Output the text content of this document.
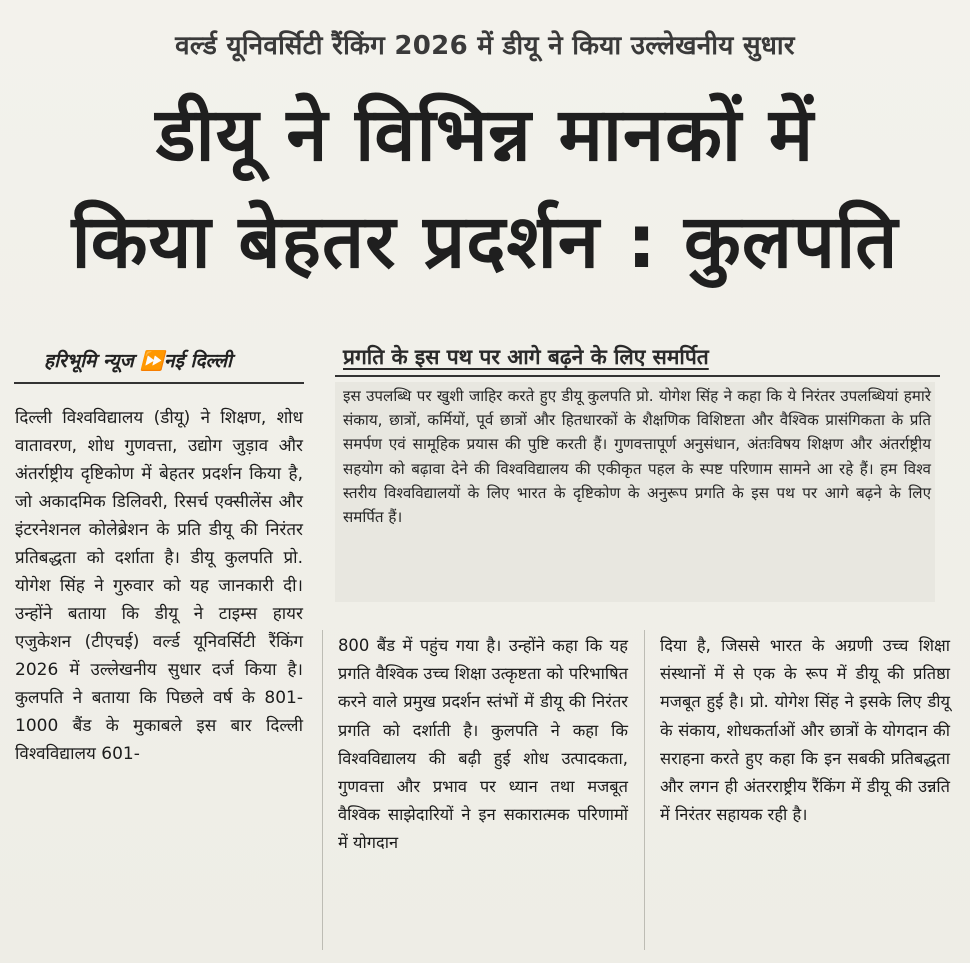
वर्ल्ड यूनिवर्सिटी रैंकिंग 2026 में डीयू ने किया उल्लेखनीय सुधार
डीयू ने विभिन्न मानकों में
किया बेहतर प्रदर्शन : कुलपति
हरिभूमि न्यूज ⏩नई दिल्ली	प्रगति के इस पथ पर आगे बढ़ने के लिए समर्पित
इस उपलब्धि पर खुशी जाहिर करते हुए डीयू कुलपति प्रो. योगेश सिंह ने कहा कि ये निरंतर उपलब्धियां हमारे संकाय, छात्रों, कर्मियों, पूर्व छात्रों और हितधारकों के शैक्षणिक विशिष्टता और वैश्विक प्रासंगिकता के प्रति समर्पण एवं सामूहिक प्रयास की पुष्टि करती हैं। गुणवत्तापूर्ण अनुसंधान, अंतःविषय शिक्षण और अंतर्राष्ट्रीय सहयोग को बढ़ावा देने की विश्वविद्यालय की एकीकृत पहल के स्पष्ट परिणाम सामने आ रहे हैं। हम विश्व स्तरीय विश्वविद्यालयों के लिए भारत के दृष्टिकोण के अनुरूप प्रगति के इस पथ पर आगे बढ़ने के लिए समर्पित हैं।
दिल्ली विश्वविद्यालय (डीयू) ने शिक्षण, शोध वातावरण, शोध गुणवत्ता, उद्योग जुड़ाव और अंतर्राष्ट्रीय दृष्टिकोण में बेहतर प्रदर्शन किया है, जो अकादमिक डिलिवरी, रिसर्च एक्सीलेंस और इंटरनेशनल कोलेब्रेशन के प्रति डीयू की निरंतर प्रतिबद्धता को दर्शाता है। डीयू कुलपति प्रो. योगेश सिंह ने गुरुवार को यह जानकारी दी। उन्होंने बताया कि डीयू ने टाइम्स हायर एजुकेशन (टीएचई) वर्ल्ड यूनिवर्सिटी रैंकिंग 2026 में उल्लेखनीय सुधार दर्ज किया है। कुलपति ने बताया कि पिछले वर्ष के 801-1000 बैंड के मुकाबले इस बार दिल्ली विश्वविद्यालय 601-
800 बैंड में पहुंच गया है। उन्होंने कहा कि यह प्रगति वैश्विक उच्च शिक्षा उत्कृष्टता को परिभाषित करने वाले प्रमुख प्रदर्शन स्तंभों में डीयू की निरंतर प्रगति को दर्शाती है। कुलपति ने कहा कि विश्वविद्यालय की बढ़ी हुई शोध उत्पादकता, गुणवत्ता और प्रभाव पर ध्यान तथा मजबूत वैश्विक साझेदारियों ने इन सकारात्मक परिणामों में योगदान
दिया है, जिससे भारत के अग्रणी उच्च शिक्षा संस्थानों में से एक के रूप में डीयू की प्रतिष्ठा मजबूत हुई है। प्रो. योगेश सिंह ने इसके लिए डीयू के संकाय, शोधकर्ताओं और छात्रों के योगदान की सराहना करते हुए कहा कि इन सबकी प्रतिबद्धता और लगन ही अंतरराष्ट्रीय रैंकिंग में डीयू की उन्नति में निरंतर सहायक रही है।
